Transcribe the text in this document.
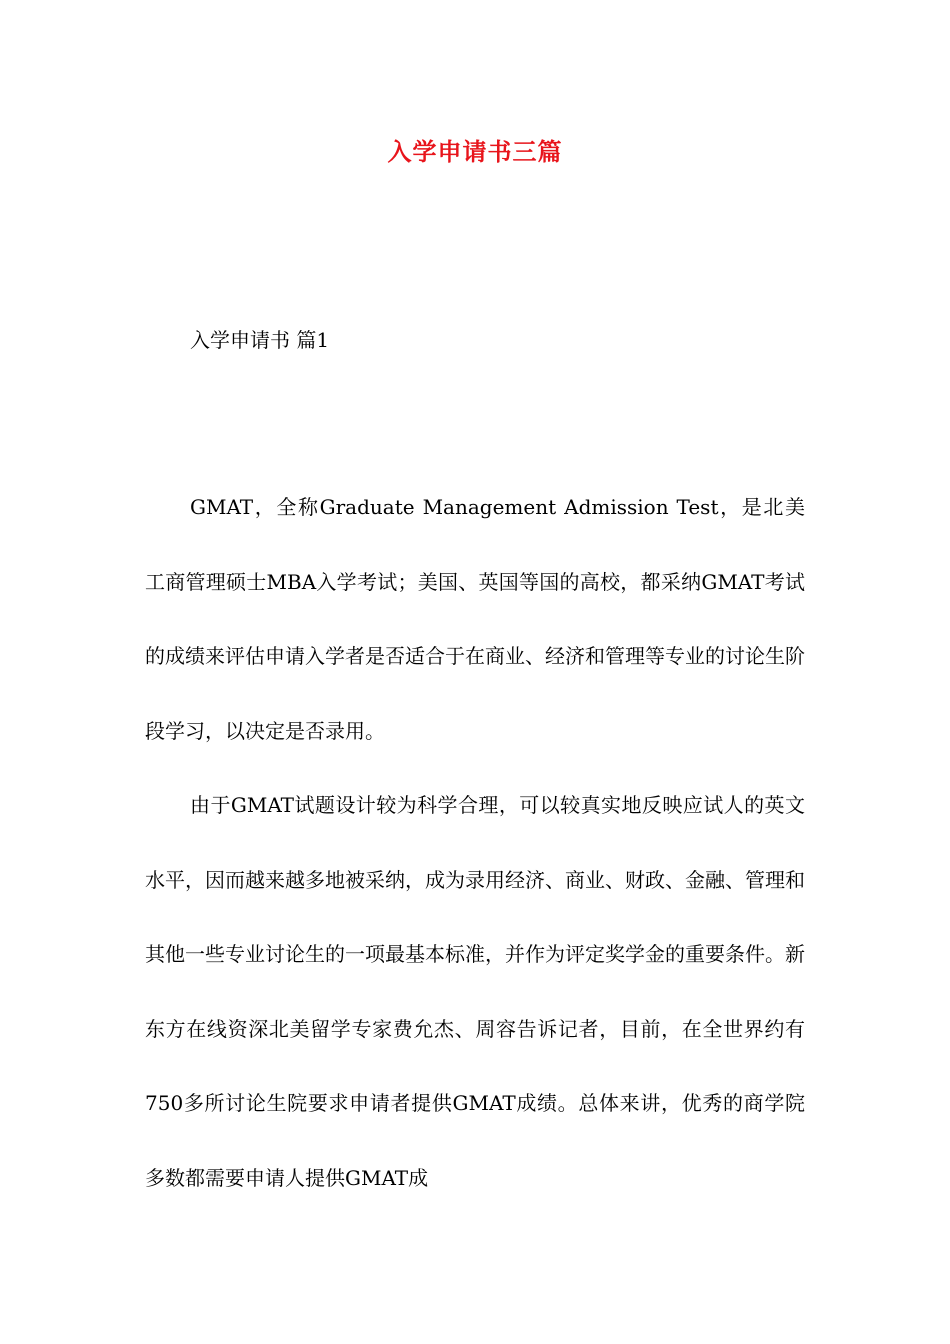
入学申请书三篇
入学申请书 篇1

GMAT，全称Graduate Management Admission Test，是北美工商管理硕士MBA入学考试；美国、英国等国的高校，都采纳GMAT考试的成绩来评估申请入学者是否适合于在商业、经济和管理等专业的讨论生阶段学习，以决定是否录用。

由于GMAT试题设计较为科学合理，可以较真实地反映应试人的英文水平，因而越来越多地被采纳，成为录用经济、商业、财政、金融、管理和其他一些专业讨论生的一项最基本标准，并作为评定奖学金的重要条件。新东方在线资深北美留学专家费允杰、周容告诉记者，目前，在全世界约有750多所讨论生院要求申请者提供GMAT成绩。总体来讲，优秀的商学院多数都需要申请人提供GMAT成
